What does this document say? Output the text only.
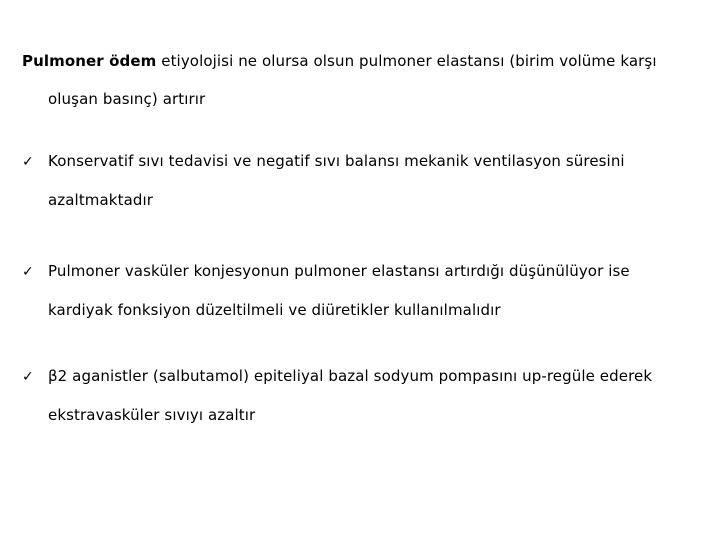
Pulmoner ödem etiyolojisi ne olursa olsun pulmoner elastansı (birim volüme karşı
oluşan basınç) artırır
✓ Konservatif sıvı tedavisi ve negatif sıvı balansı mekanik ventilasyon süresini
azaltmaktadır
✓ Pulmoner vasküler konjesyonun pulmoner elastansı artırdığı düşünülüyor ise
kardiyak fonksiyon düzeltilmeli ve diüretikler kullanılmalıdır
✓ β2 aganistler (salbutamol) epiteliyal bazal sodyum pompasını up-regüle ederek
ekstravasküler sıvıyı azaltır
